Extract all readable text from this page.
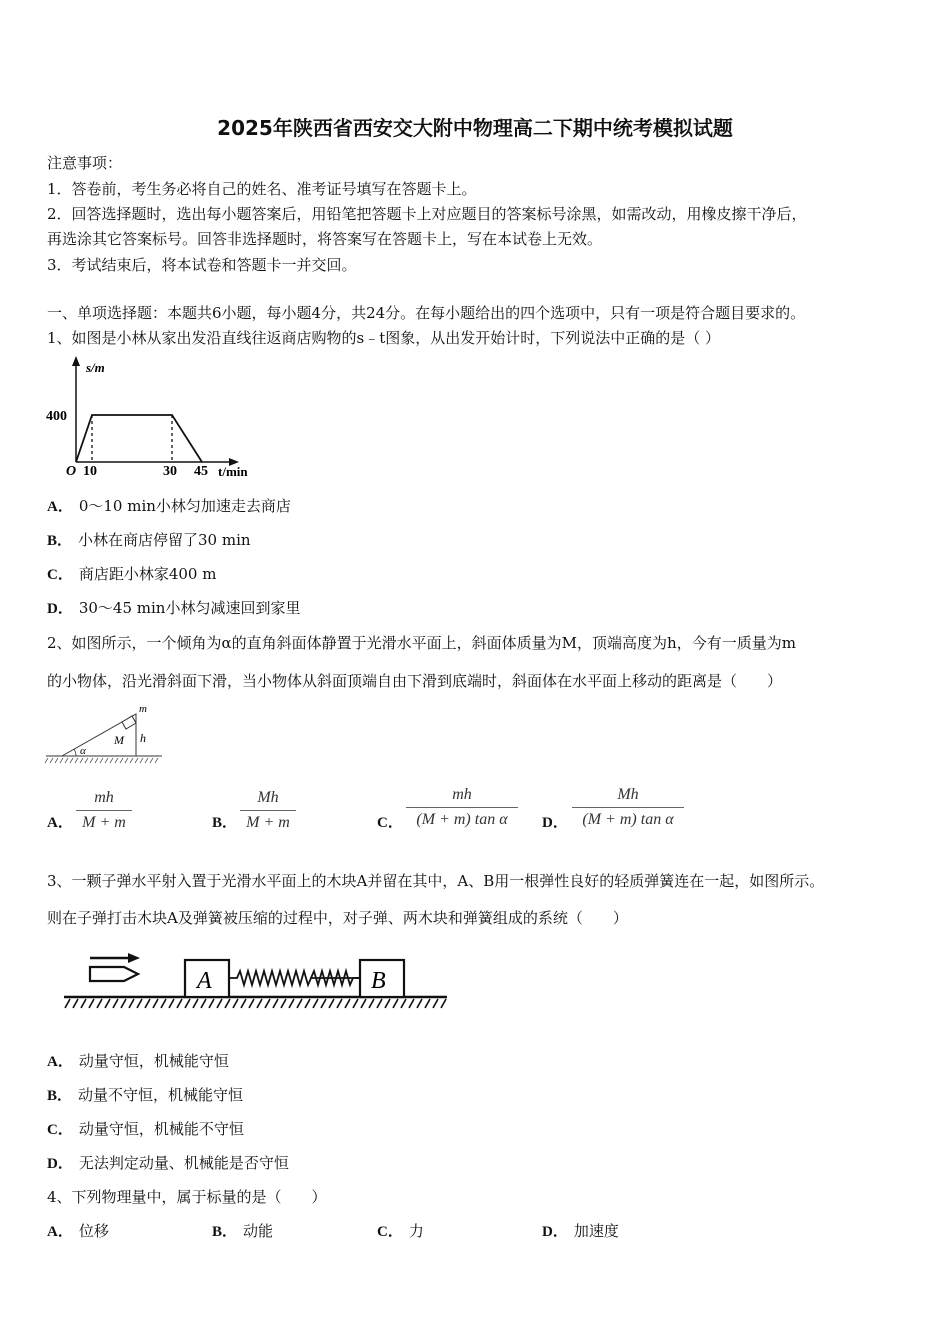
2025年陕西省西安交大附中物理高二下期中统考模拟试题
注意事项：
1．答卷前，考生务必将自己的姓名、准考证号填写在答题卡上。
2．回答选择题时，选出每小题答案后，用铅笔把答题卡上对应题目的答案标号涂黑，如需改动，用橡皮擦干净后，
再选涂其它答案标号。回答非选择题时，将答案写在答题卡上，写在本试卷上无效。
3．考试结束后，将本试卷和答题卡一并交回。
一、单项选择题：本题共6小题，每小题4分，共24分。在每小题给出的四个选项中，只有一项是符合题目要求的。
1、如图是小林从家出发沿直线往返商店购物的s﹣t图象，从出发开始计时，下列说法中正确的是（ ）
s/m
400
O 10	30 45 t/min
A． 0～10 min小林匀加速走去商店
B． 小林在商店停留了30 min
C． 商店距小林家400 m
D． 30～45 min小林匀减速回到家里
2、如图所示，一个倾角为α的直角斜面体静置于光滑水平面上，斜面体质量为M，顶端高度为h，今有一质量为m
的小物体，沿光滑斜面下滑，当小物体从斜面顶端自由下滑到底端时，斜面体在水平面上移动的距离是（　　）
m
M h
α
A．
mh
M + m	B．
Mh
M + m	C．
mh
(M + m) tan α	D．
Mh
(M + m) tan α
3、一颗子弹水平射入置于光滑水平面上的木块A并留在其中，A、B用一根弹性良好的轻质弹簧连在一起，如图所示。
则在子弹打击木块A及弹簧被压缩的过程中，对子弹、两木块和弹簧组成的系统（　　）
A	B
A． 动量守恒，机械能守恒
B． 动量不守恒，机械能守恒
C． 动量守恒，机械能不守恒
D． 无法判定动量、机械能是否守恒
4、下列物理量中，属于标量的是（　　）
A． 位移	B． 动能	C． 力	D． 加速度
